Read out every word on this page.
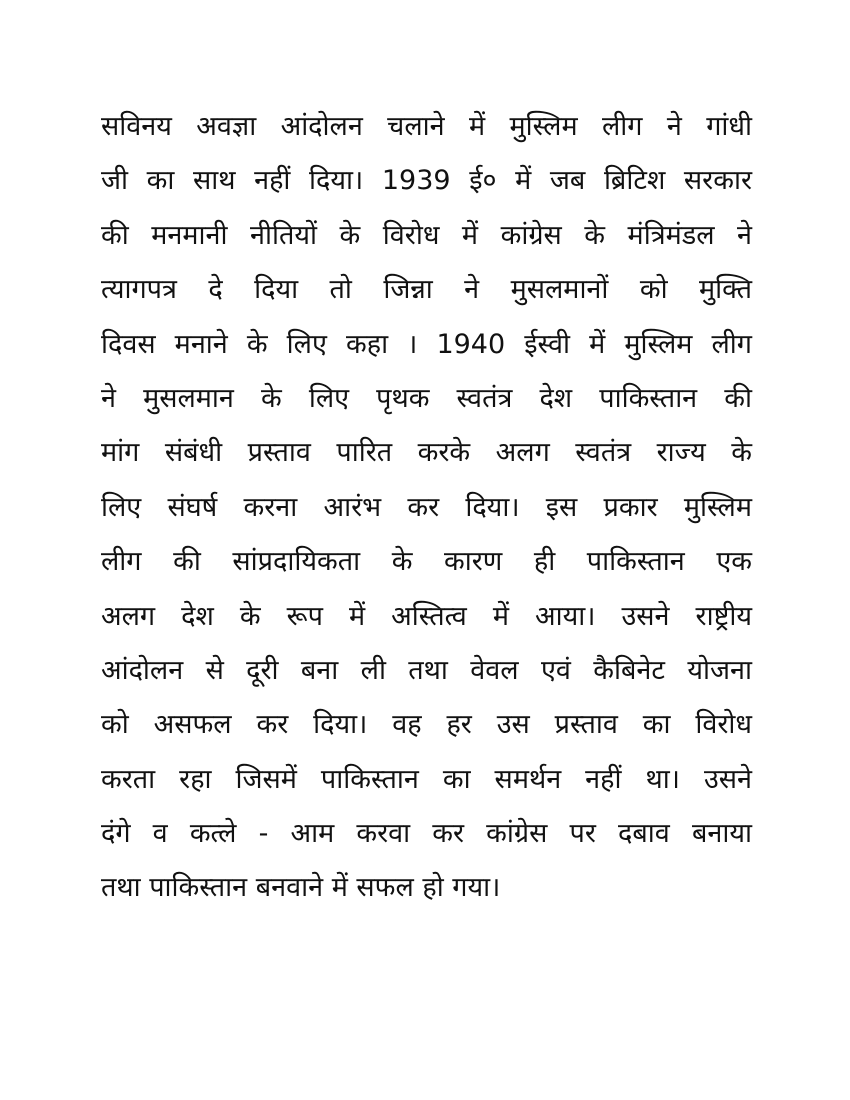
सविनय अवज्ञा आंदोलन चलाने में मुस्लिम लीग ने गांधी
जी का साथ नहीं दिया। 1939 ई० में जब ब्रिटिश सरकार
की मनमानी नीतियों के विरोध में कांग्रेस के मंत्रिमंडल ने
त्यागपत्र दे दिया तो जिन्ना ने मुसलमानों को मुक्ति
दिवस मनाने के लिए कहा । 1940 ईस्वी में मुस्लिम लीग
ने मुसलमान के लिए पृथक स्वतंत्र देश पाकिस्तान की
मांग संबंधी प्रस्ताव पारित करके अलग स्वतंत्र राज्य के
लिए संघर्ष करना आरंभ कर दिया। इस प्रकार मुस्लिम
लीग की सांप्रदायिकता के कारण ही पाकिस्तान एक
अलग देश के रूप में अस्तित्व में आया। उसने राष्ट्रीय
आंदोलन से दूरी बना ली तथा वेवल एवं कैबिनेट योजना
को असफल कर दिया। वह हर उस प्रस्ताव का विरोध
करता रहा जिसमें पाकिस्तान का समर्थन नहीं था। उसने
दंगे व कत्ले - आम करवा कर कांग्रेस पर दबाव बनाया
तथा पाकिस्तान बनवाने में सफल हो गया।
